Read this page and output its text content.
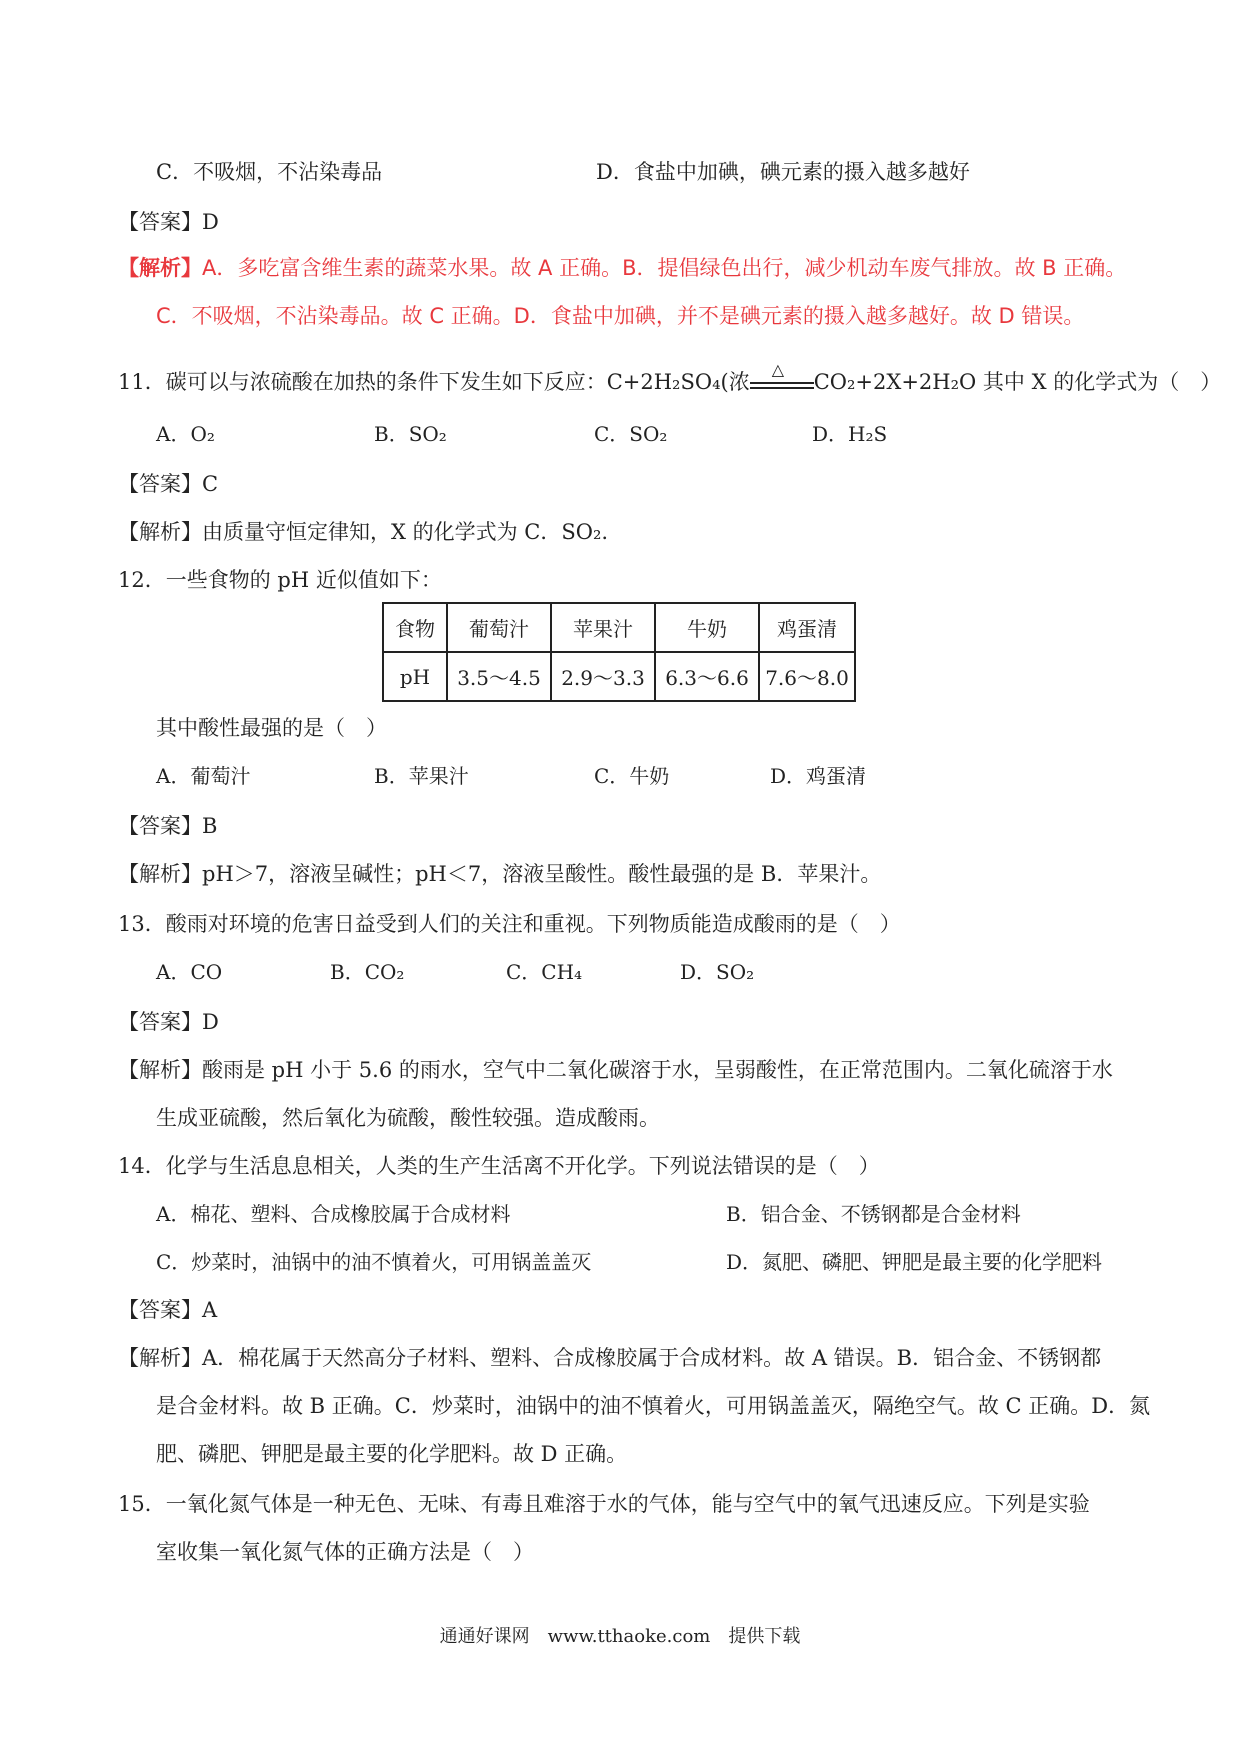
C．不吸烟，不沾染毒品	D．食盐中加碘，碘元素的摄入越多越好
【答案】D
【解析】A．多吃富含维生素的蔬菜水果。故 A 正确。B．提倡绿色出行，减少机动车废气排放。故 B 正确。
C．不吸烟，不沾染毒品。故 C 正确。D．食盐中加碘，并不是碘元素的摄入越多越好。故 D 错误。
11．碳可以与浓硫酸在加热的条件下发生如下反应：C+2H₂SO₄(浓
△
CO₂+2X+2H₂O 其中 X 的化学式为（　）
A．O₂	B．SO₂	C．SO₂	D．H₂S
【答案】C
【解析】由质量守恒定律知，X 的化学式为 C．SO₂.
12．一些食物的 pH 近似值如下：
食物	葡萄汁	苹果汁	牛奶	鸡蛋清
pH	3.5～4.5	2.9～3.3	6.3～6.6	7.6～8.0
其中酸性最强的是（　）
A．葡萄汁	B．苹果汁	C．牛奶	D．鸡蛋清
【答案】B
【解析】pH＞7，溶液呈碱性；pH＜7，溶液呈酸性。酸性最强的是 B．苹果汁。
13．酸雨对环境的危害日益受到人们的关注和重视。下列物质能造成酸雨的是（　）
A．CO	B．CO₂	C．CH₄	D．SO₂
【答案】D
【解析】酸雨是 pH 小于 5.6 的雨水，空气中二氧化碳溶于水，呈弱酸性，在正常范围内。二氧化硫溶于水
生成亚硫酸，然后氧化为硫酸，酸性较强。造成酸雨。
14．化学与生活息息相关，人类的生产生活离不开化学。下列说法错误的是（　）
A．棉花、塑料、合成橡胶属于合成材料	B．铝合金、不锈钢都是合金材料
C．炒菜时，油锅中的油不慎着火，可用锅盖盖灭	D．氮肥、磷肥、钾肥是最主要的化学肥料
【答案】A
【解析】A．棉花属于天然高分子材料、塑料、合成橡胶属于合成材料。故 A 错误。B．铝合金、不锈钢都
是合金材料。故 B 正确。C．炒菜时，油锅中的油不慎着火，可用锅盖盖灭，隔绝空气。故 C 正确。D．氮
肥、磷肥、钾肥是最主要的化学肥料。故 D 正确。
15．一氧化氮气体是一种无色、无味、有毒且难溶于水的气体，能与空气中的氧气迅速反应。下列是实验
室收集一氧化氮气体的正确方法是（　）
通通好课网　www.tthaoke.com　提供下载
